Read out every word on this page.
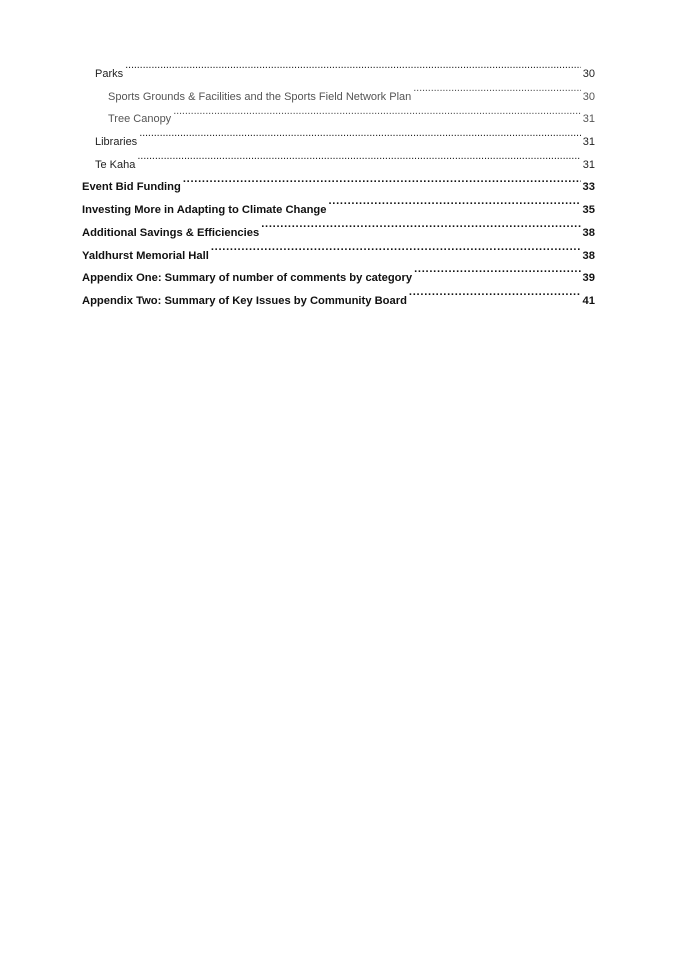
Parks . . .	30
Sports Grounds & Facilities and the Sports Field Network Plan . . .	30
Tree Canopy . . .	31
Libraries . . .	31
Te Kaha . . .	31
Event Bid Funding . . .	33
Investing More in Adapting to Climate Change . . .	35
Additional Savings & Efficiencies . . .	38
Yaldhurst Memorial Hall . . .	38
Appendix One: Summary of number of comments by category . . .	39
Appendix Two: Summary of Key Issues by Community Board . . .	41
